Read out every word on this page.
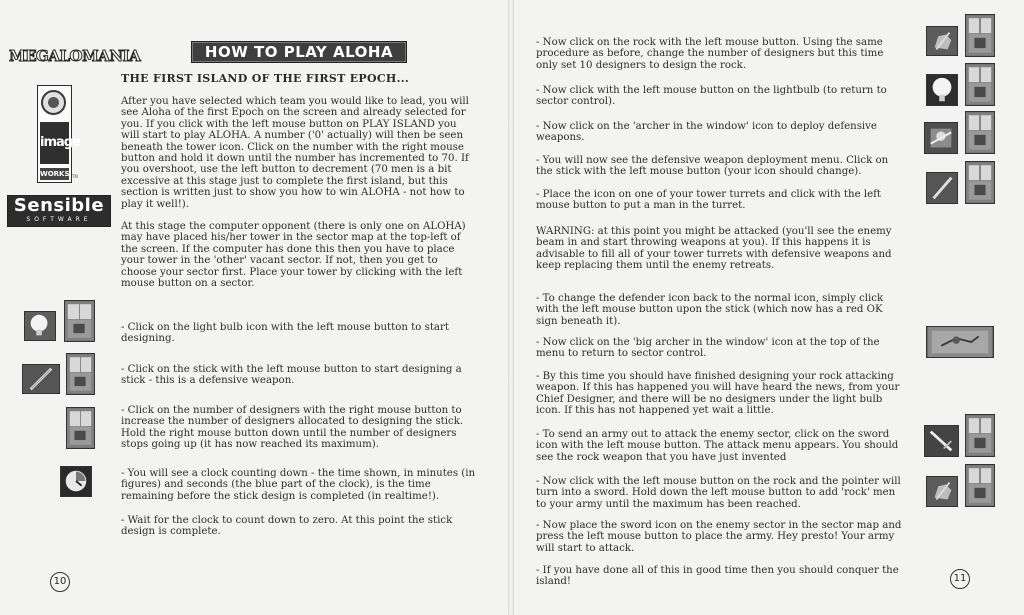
MEGALOMANIA	HOW TO PLAY ALOHA
THE FIRST ISLAND OF THE FIRST EPOCH...
image
WORKS TM
Sensible
SOFTWARE

After you have selected which team you would like to lead, you will see Aloha of the first Epoch on the screen and already selected for you. If you click with the left mouse button on PLAY ISLAND you will start to play ALOHA. A number ('0' actually) will then be seen beneath the tower icon. Click on the number with the right mouse button and hold it down until the number has incremented to 70. If you overshoot, use the left button to decrement (70 men is a bit excessive at this stage just to complete the first island, but this section is written just to show you how to win ALOHA - not how to play it well!).

At this stage the computer opponent (there is only one on ALOHA) may have placed his/her tower in the sector map at the top-left of the screen. If the computer has done this then you have to place your tower in the 'other' vacant sector. If not, then you get to choose your sector first. Place your tower by clicking with the left mouse button on a sector.

- Click on the light bulb icon with the left mouse button to start designing.

- Click on the stick with the left mouse button to start designing a stick - this is a defensive weapon.

- Click on the number of designers with the right mouse button to increase the number of designers allocated to designing the stick. Hold the right mouse button down until the number of designers stops going up (it has now reached its maximum).

- You will see a clock counting down - the time shown, in minutes (in figures) and seconds (the blue part of the clock), is the time remaining before the stick design is completed (in realtime!).

- Wait for the clock to count down to zero. At this point the stick design is complete.

10

- Now click on the rock with the left mouse button. Using the same procedure as before, change the number of designers but this time only set 10 designers to design the rock.

- Now click with the left mouse button on the lightbulb (to return to sector control).

- Now click on the 'archer in the window' icon to deploy defensive weapons.

- You will now see the defensive weapon deployment menu. Click on the stick with the left mouse button (your icon should change).

- Place the icon on one of your tower turrets and click with the left mouse button to put a man in the turret.

WARNING: at this point you might be attacked (you'll see the enemy beam in and start throwing weapons at you). If this happens it is advisable to fill all of your tower turrets with defensive weapons and keep replacing them until the enemy retreats.

- To change the defender icon back to the normal icon, simply click with the left mouse button upon the stick (which now has a red OK sign beneath it).

- Now click on the 'big archer in the window' icon at the top of the menu to return to sector control.

- By this time you should have finished designing your rock attacking weapon. If this has happened you will have heard the news, from your Chief Designer, and there will be no designers under the light bulb icon. If this has not happened yet wait a little.

- To send an army out to attack the enemy sector, click on the sword icon with the left mouse button. The attack menu appears. You should see the rock weapon that you have just invented

- Now click with the left mouse button on the rock and the pointer will turn into a sword. Hold down the left mouse button to add 'rock' men to your army until the maximum has been reached.

- Now place the sword icon on the enemy sector in the sector map and press the left mouse button to place the army. Hey presto! Your army will start to attack.

- If you have done all of this in good time then you should conquer the island!	11
